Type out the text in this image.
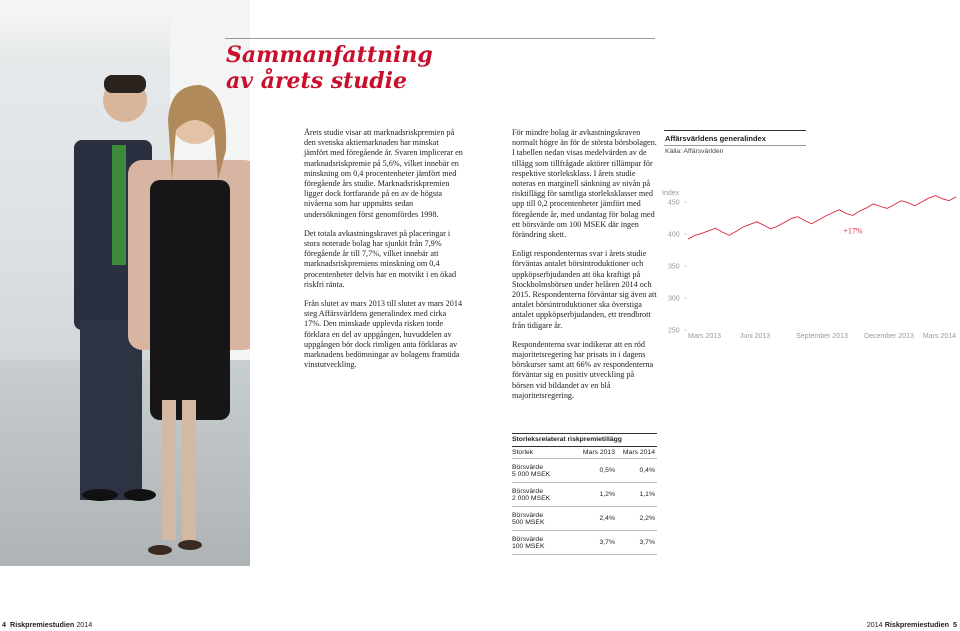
Sammanfattning
av årets studie

Årets studie visar att marknadsriskpremien på den svenska aktiemarknaden har minskat jämfört med föregående år. Svaren implicerar en marknadsriskpremie på 5,6%, vilket innebär en minskning om 0,4 procentenheter jämfört med föregående års studie. Marknadsriskpremien ligger dock fortfarande på en av de högsta nivåerna som har uppmätts sedan undersökningen först genomfördes 1998.

Det totala avkastningskravet på placeringar i stora noterade bolag har sjunkit från 7,9% föregående år till 7,7%, vilket innebär att marknadsriskpremiens minskning om 0,4 procentenheter delvis har en motvikt i en ökad riskfri ränta.

Från slutet av mars 2013 till slutet av mars 2014 steg Affärsvärldens generalindex med cirka 17%. Den minskade upplevda risken torde förklara en del av uppgången, huvuddelen av uppgången bör dock rimligen anta förklaras av marknadens bedömningar av bolagens framtida vinstutveckling.

För mindre bolag är avkastningskraven normalt högre än för de största börsbolagen. I tabellen nedan visas medelvärden av de tillägg som tillfrågade aktörer tillämpar för respektive storleksklass. I årets studie noteras en marginell sänkning av nivån på risktillägg för samtliga storleksklasser med upp till 0,2 procentenheter jämfört med föregående år, med undantag för bolag med ett börsvärde om 100 MSEK där ingen förändring skett.

Enligt respondenternas svar i årets studie förväntas antalet börsintroduktioner och uppköpserbjudanden att öka kraftigt på Stockholmsbörsen under helåren 2014 och 2015. Respondenterna förväntar sig även att antalet börsintroduktioner ska överstiga antalet uppköpserbjudanden, ett trendbrott från tidigare år.

Respondenterna svar indikerar att en röd majoritetsregering har prisats in i dagens börskurser samt att 66% av respondenterna förväntar sig en positiv utveckling på börsen vid bildandet av en blå majoritetsregering.

Affärsvärldens generalindex
Källa: Affärsvärlden
Index
450
400
350
300
250
Mars 2013	Juni 2013	September 2013 December 2013 Mars 2014
+17%
Storleksrelaterat riskpremietillägg
Storlek	Mars 2013	Mars 2014
Börsvärde
5 000 MSEK	0,5%	0,4%
Börsvärde
2 000 MSEK	1,2%	1,1%
Börsvärde
500 MSEK	2,4%	2,2%
Börsvärde
100 MSEK	3,7%	3,7%
4 Riskpremiestudien 2014	2014 Riskpremiestudien 5
